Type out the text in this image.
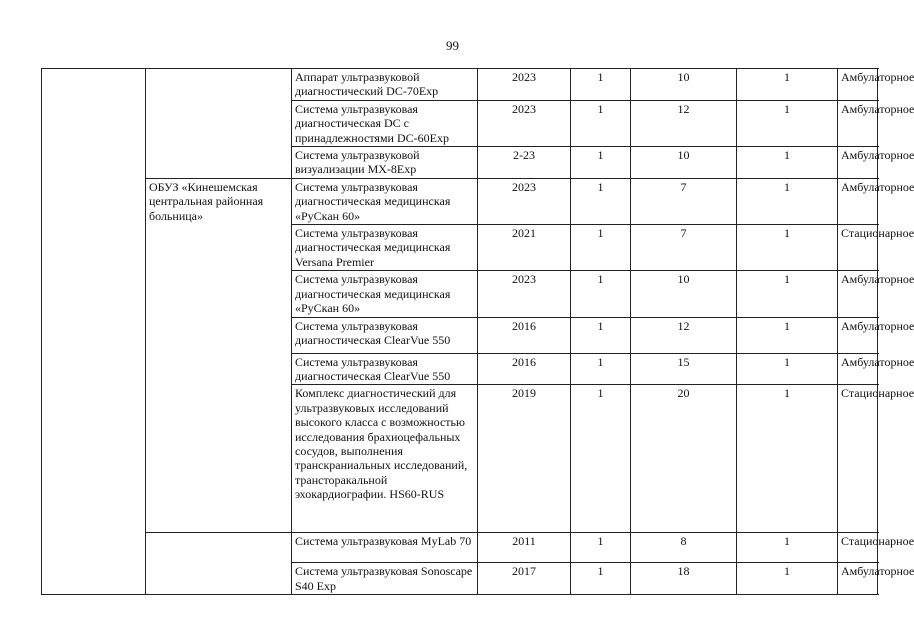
99
		Аппарат ультразвуковой диагностический DC-70Exp	2023	1	10	1	Амбулаторное
		Система ультразвуковая диагностическая DC с принадлежностями DC-60Exp	2023	1	12	1	Амбулаторное
		Система ультразвуковой визуализации МХ-8Exp	2-23	1	10	1	Амбулаторное
	ОБУЗ «Кинешемская центральная районная больница»	Система ультразвуковая диагностическая медицинская «РуСкан 60»	2023	1	7	1	Амбулаторное
		Система ультразвуковая диагностическая медицинская Versana Premier	2021	1	7	1	Стационарное
		Система ультразвуковая диагностическая медицинская «РуСкан 60»	2023	1	10	1	Амбулаторное
		Система ультразвуковая диагностическая ClearVue 550	2016	1	12	1	Амбулаторное
		Система ультразвуковая диагностическая ClearVue 550	2016	1	15	1	Амбулаторное
		Комплекс диагностический для ультразвуковых исследований высокого класса с возможностью исследования брахиоцефальных сосудов, выполнения транскраниальных исследований, трансторакальной эхокардиографии. HS60-RUS	2019	1	20	1	Стационарное
		Система ультразвуковая MyLab 70	2011	1	8	1	Стационарное
		Система ультразвуковая Sonoscape S40 Exp	2017	1	18	1	Амбулаторное
